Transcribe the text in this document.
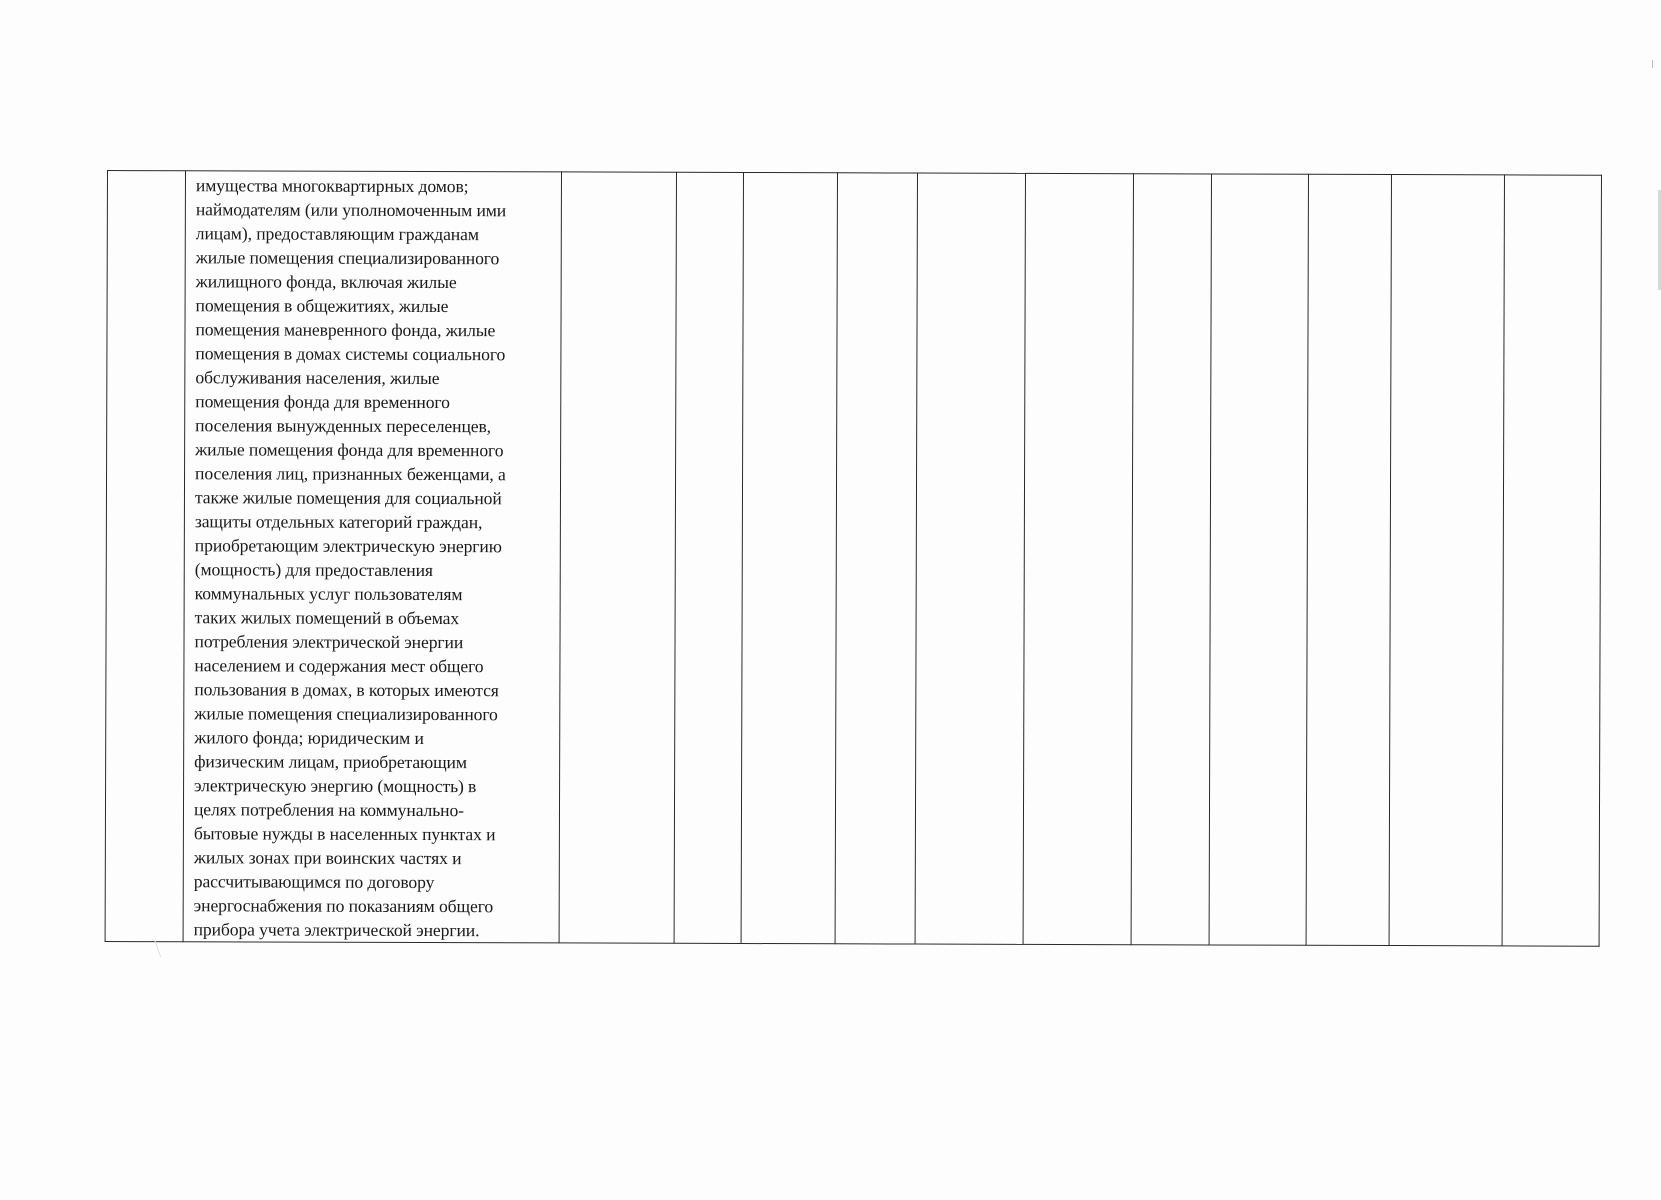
имущества многоквартирных домов;
наймодателям (или уполномоченным ими
лицам), предоставляющим гражданам
жилые помещения специализированного
жилищного фонда, включая жилые
помещения в общежитиях, жилые
помещения маневренного фонда, жилые
помещения в домах системы социального
обслуживания населения, жилые
помещения фонда для временного
поселения вынужденных переселенцев,
жилые помещения фонда для временного
поселения лиц, признанных беженцами, а
также жилые помещения для социальной
защиты отдельных категорий граждан,
приобретающим электрическую энергию
(мощность) для предоставления
коммунальных услуг пользователям
таких жилых помещений в объемах
потребления электрической энергии
населением и содержания мест общего
пользования в домах, в которых имеются
жилые помещения специализированного
жилого фонда; юридическим и
физическим лицам, приобретающим
электрическую энергию (мощность) в
целях потребления на коммунально-
бытовые нужды в населенных пунктах и
жилых зонах при воинских частях и
рассчитывающимся по договору
энергоснабжения по показаниям общего
прибора учета электрической энергии.
